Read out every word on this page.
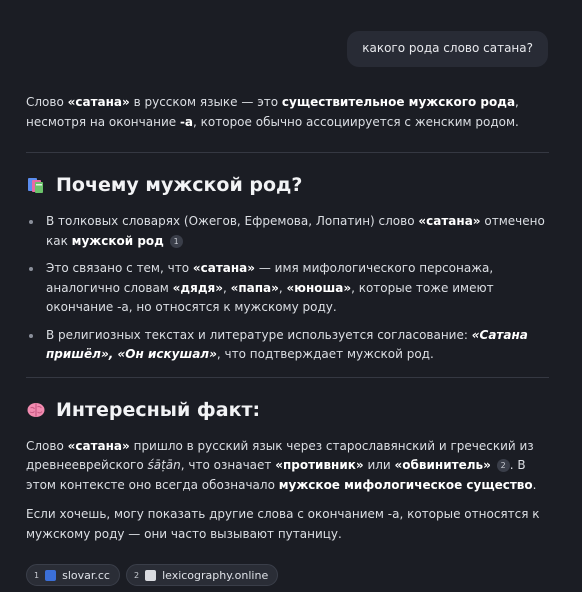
какого рода слово сатана?

Слово «сатана» в русском языке — это существительное мужского рода, несмотря на окончание -а, которое обычно ассоциируется с женским родом.

Почему мужской род?
В толковых словарях (Ожегов, Ефремова, Лопатин) слово «сатана» отмечено как мужской род 1
Это связано с тем, что «сатана» — имя мифологического персонажа, аналогично словам «дядя», «папа», «юноша», которые тоже имеют окончание -а, но относятся к мужскому роду.
В религиозных текстах и литературе используется согласование: «Сатана пришёл», «Он искушал», что подтверждает мужской род.
Интересный факт:

Слово «сатана» пришло в русский язык через старославянский и греческий из древнееврейского śāṭān, что означает «противник» или «обвинитель» 2 . В этом контексте оно всегда обозначало мужское мифологическое существо.

Если хочешь, могу показать другие слова с окончанием -а, которые относятся к мужскому роду — они часто вызывают путаницу.

1 slovar.cc	2 lexicography.online
